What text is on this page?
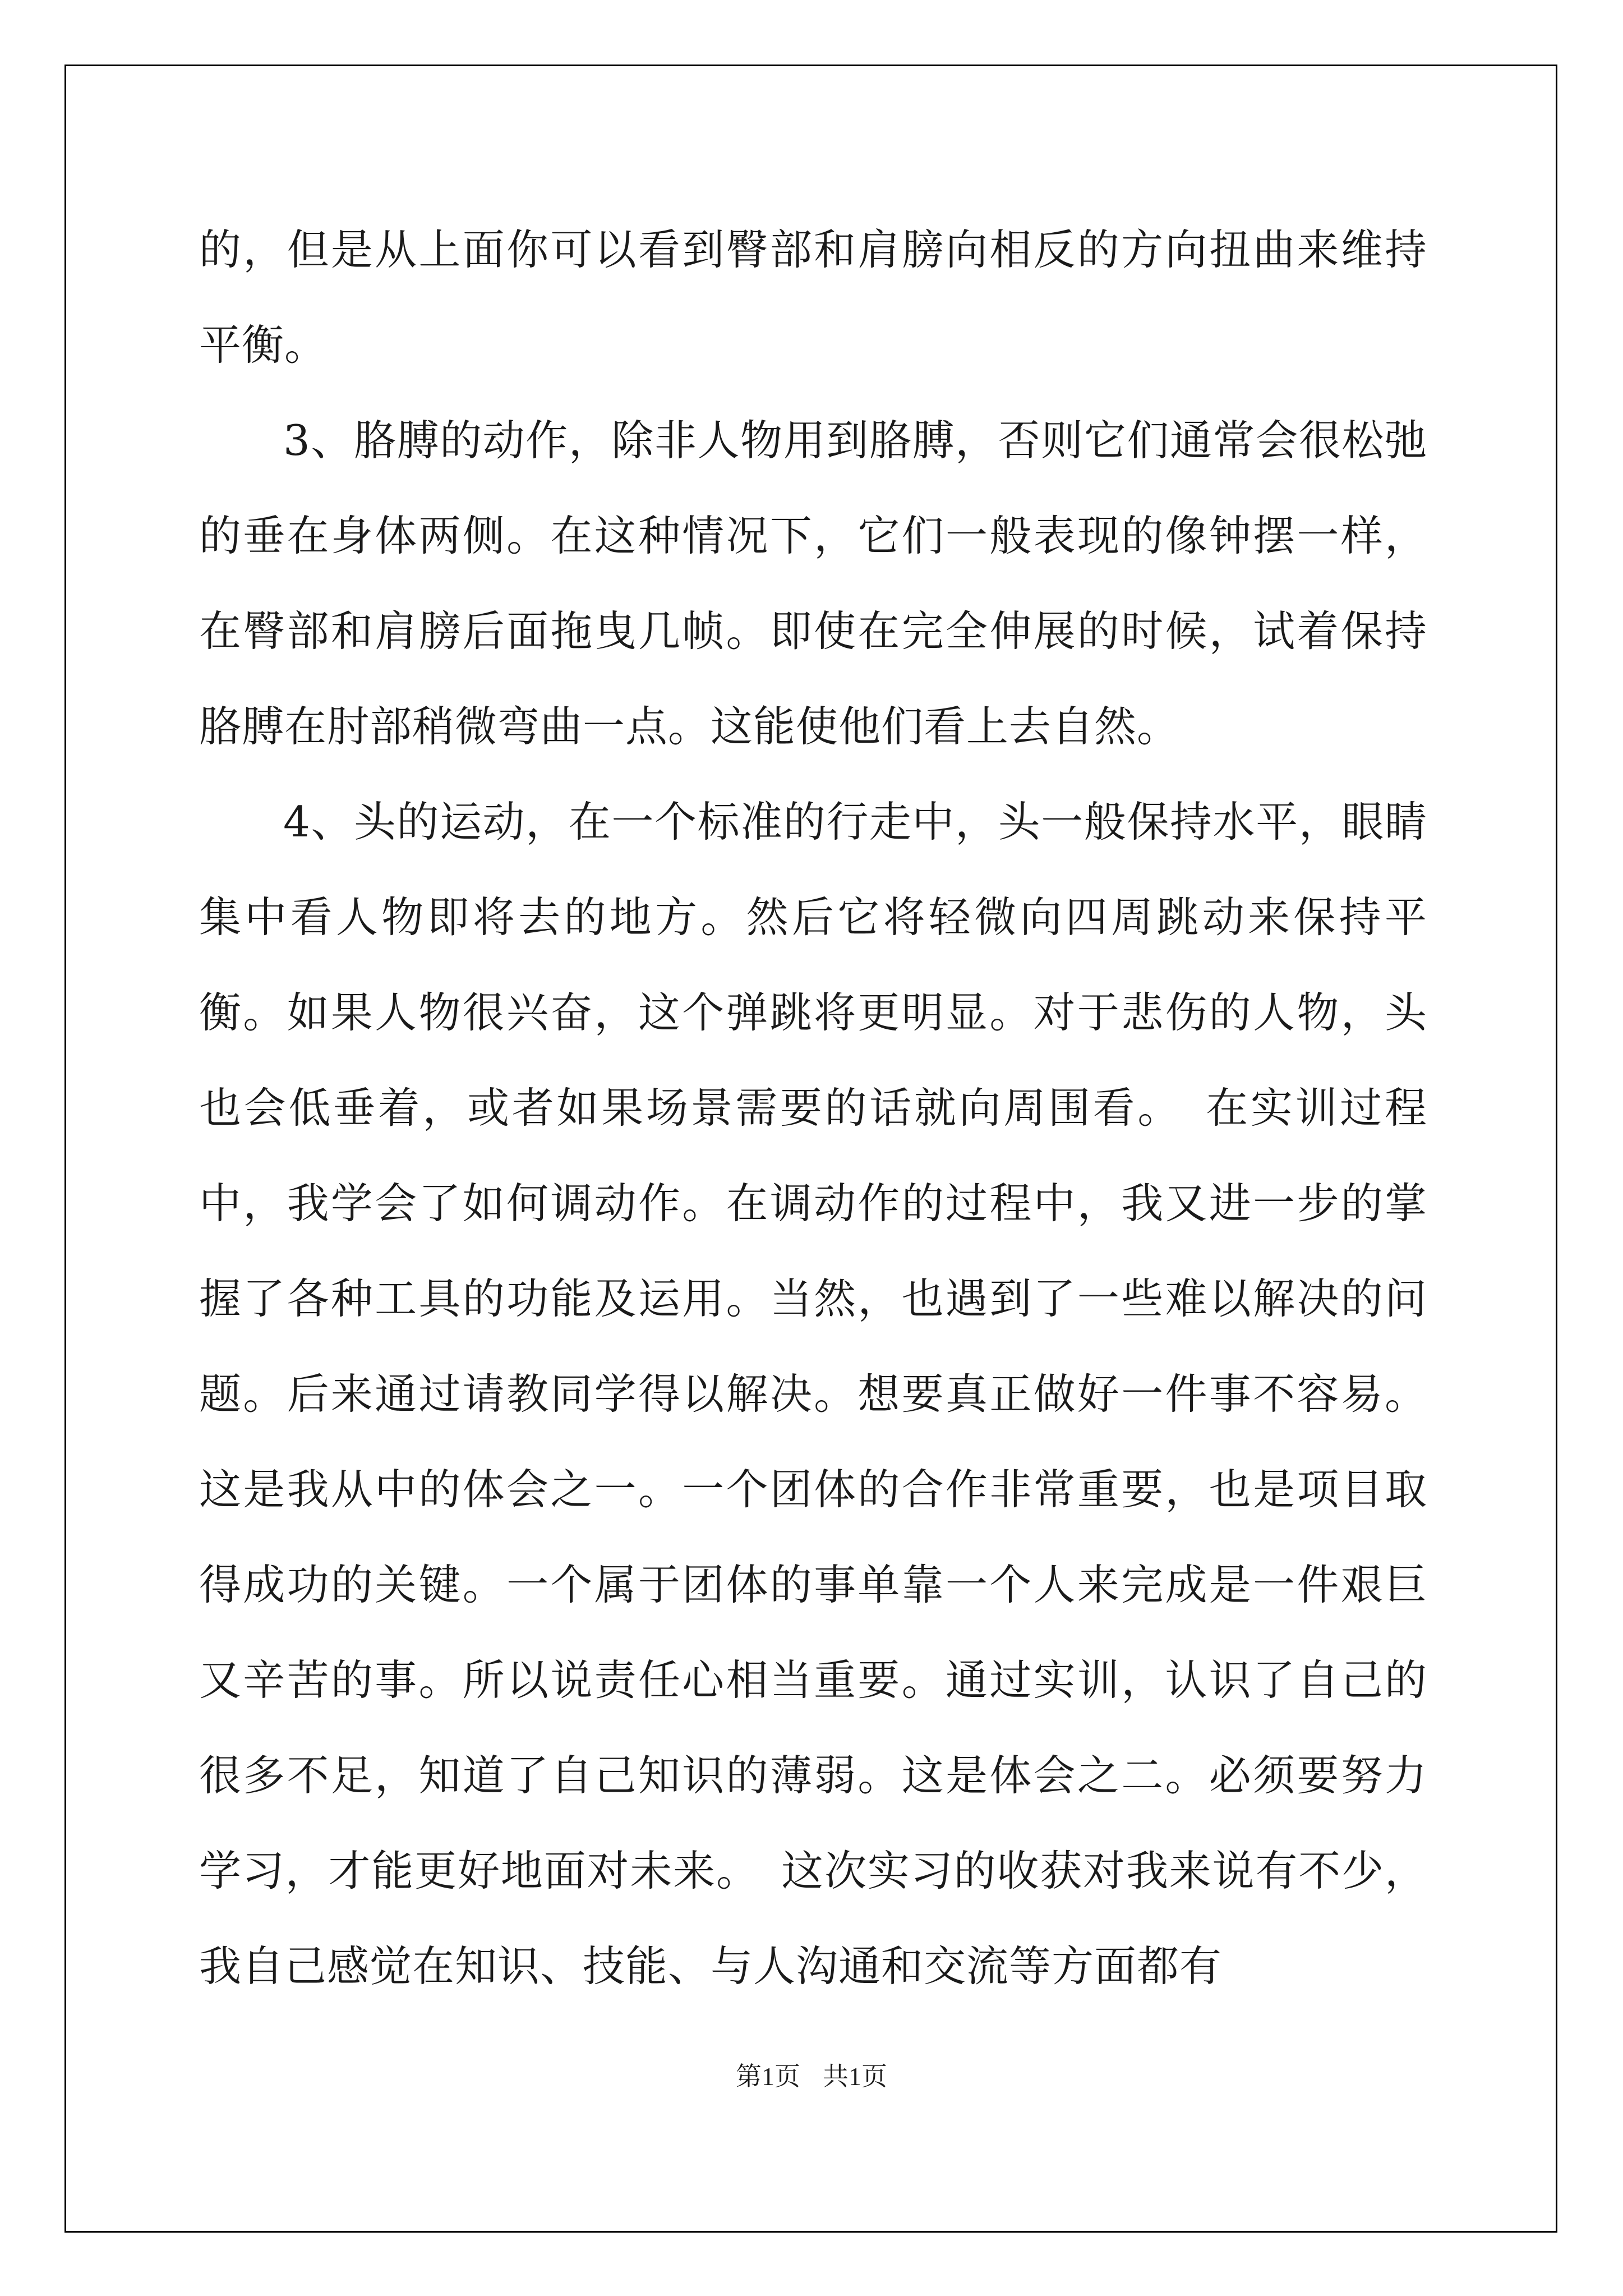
的，但是从上面你可以看到臀部和肩膀向相反的方向扭曲来维持平衡。

3、胳膊的动作，除非人物用到胳膊，否则它们通常会很松弛的垂在身体两侧。在这种情况下，它们一般表现的像钟摆一样，在臀部和肩膀后面拖曳几帧。即使在完全伸展的时候，试着保持胳膊在肘部稍微弯曲一点。这能使他们看上去自然。

4、头的运动，在一个标准的行走中，头一般保持水平，眼睛集中看人物即将去的地方。然后它将轻微向四周跳动来保持平衡。如果人物很兴奋，这个弹跳将更明显。对于悲伤的人物，头也会低垂着，或者如果场景需要的话就向周围看。　在实训过程中，我学会了如何调动作。在调动作的过程中，我又进一步的掌握了各种工具的功能及运用。当然，也遇到了一些难以解决的问题。后来通过请教同学得以解决。想要真正做好一件事不容易。这是我从中的体会之一。一个团体的合作非常重要，也是项目取得成功的关键。一个属于团体的事单靠一个人来完成是一件艰巨又辛苦的事。所以说责任心相当重要。通过实训，认识了自己的很多不足，知道了自己知识的薄弱。这是体会之二。必须要努力学习，才能更好地面对未来。　这次实习的收获对我来说有不少，我自己感觉在知识、技能、与人沟通和交流等方面都有

第1页 共1页
